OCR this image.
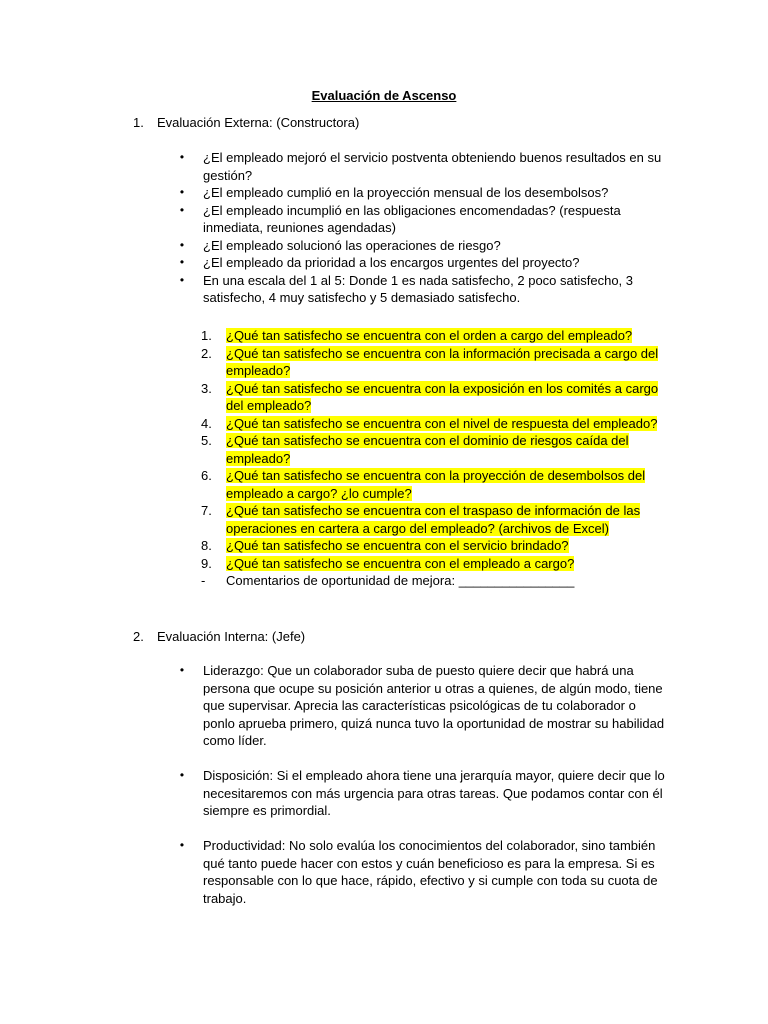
Evaluación de Ascenso
1. Evaluación Externa: (Constructora)
• ¿El empleado mejoró el servicio postventa obteniendo buenos resultados en su gestión?
• ¿El empleado cumplió en la proyección mensual de los desembolsos?
• ¿El empleado incumplió en las obligaciones encomendadas? (respuesta inmediata, reuniones agendadas)
• ¿El empleado solucionó las operaciones de riesgo?
• ¿El empleado da prioridad a los encargos urgentes del proyecto?
• En una escala del 1 al 5: Donde 1 es nada satisfecho, 2 poco satisfecho, 3 satisfecho, 4 muy satisfecho y 5 demasiado satisfecho.
1.	¿Qué tan satisfecho se encuentra con el orden a cargo del empleado?
2.	¿Qué tan satisfecho se encuentra con la información precisada a cargo del empleado?
3.	¿Qué tan satisfecho se encuentra con la exposición en los comités a cargo del empleado?
4.	¿Qué tan satisfecho se encuentra con el nivel de respuesta del empleado?
5.	¿Qué tan satisfecho se encuentra con el dominio de riesgos caída del empleado?
6.	¿Qué tan satisfecho se encuentra con la proyección de desembolsos del empleado a cargo? ¿lo cumple?
7.	¿Qué tan satisfecho se encuentra con el traspaso de información de las operaciones en cartera a cargo del empleado? (archivos de Excel)
8.	¿Qué tan satisfecho se encuentra con el servicio brindado?
9.	¿Qué tan satisfecho se encuentra con el empleado a cargo?
-	Comentarios de oportunidad de mejora: ________________
2. Evaluación Interna: (Jefe)
• Liderazgo: Que un colaborador suba de puesto quiere decir que habrá una persona que ocupe su posición anterior u otras a quienes, de algún modo, tiene que supervisar. Aprecia las características psicológicas de tu colaborador o ponlo aprueba primero, quizá nunca tuvo la oportunidad de mostrar su habilidad como líder.
• Disposición: Si el empleado ahora tiene una jerarquía mayor, quiere decir que lo necesitaremos con más urgencia para otras tareas. Que podamos contar con él siempre es primordial.
• Productividad: No solo evalúa los conocimientos del colaborador, sino también qué tanto puede hacer con estos y cuán beneficioso es para la empresa. Si es responsable con lo que hace, rápido, efectivo y si cumple con toda su cuota de trabajo.
